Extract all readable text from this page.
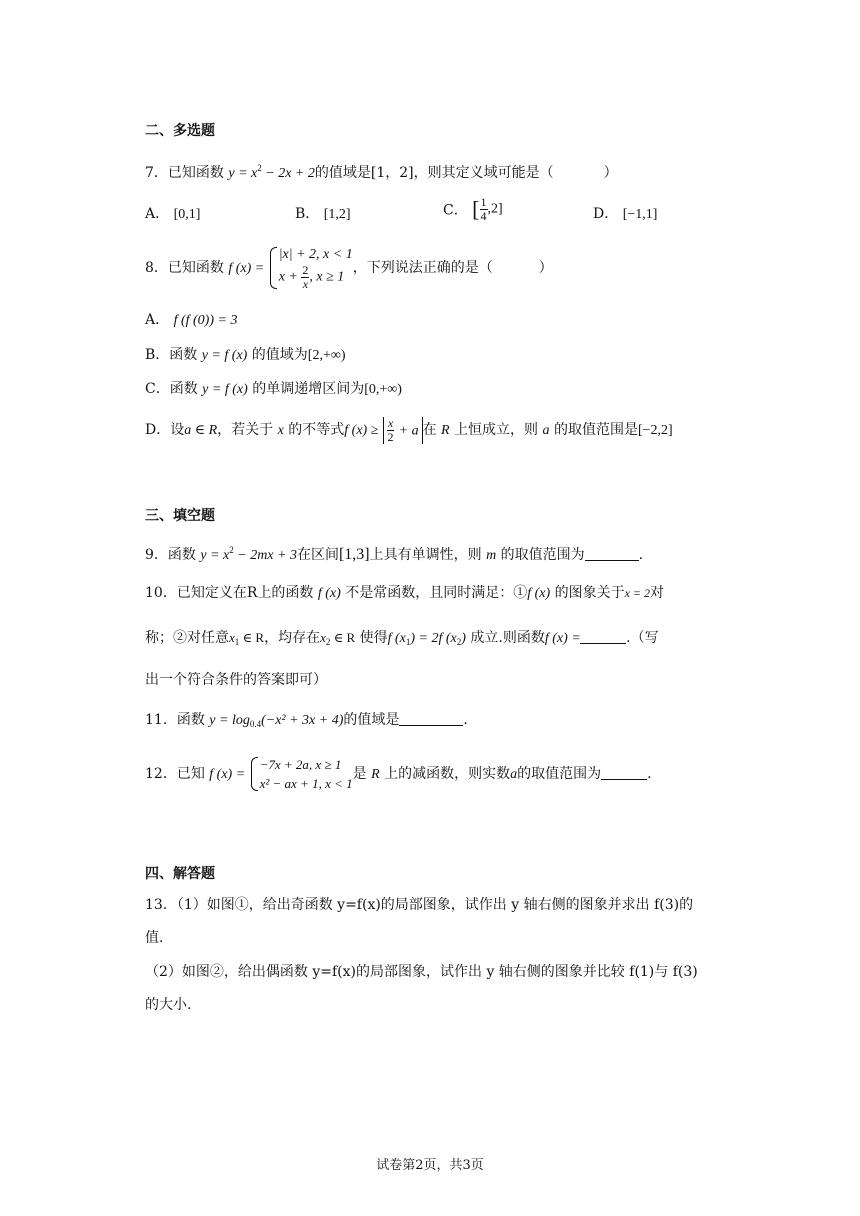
二、多选题
7．已知函数 $y = x^2 - 2x + 2$的值域是[1，2]，则其定义域可能是（	）
A． [0,1]	B． [1,2]	C． [ $\frac{1}{4} ,2$]	D． [−1,1]
8．已知函数 f (x) =
|x| + 2, x < 1
$x + \frac{2}{x}$ , x ≥ 1
，下列说法正确的是（	）
A． f (f (0)) = 3
B．函数 y = f (x) 的值域为[2,+∞)
C．函数 y = f (x) 的单调递增区间为[0,+∞)
D．设a ∈ R，若关于 x 的不等式f $(x) \ge \frac{x}{2} + a$ 在 R 上恒成立，则 a 的取值范围是[−2,2]
三、填空题
9．函数 $y = x^2 - 2mx + 3$在区间[1,3]上具有单调性，则 m 的取值范围为	.
10．已知定义在R上的函数 f (x) 不是常函数，且同时满足：①f (x) 的图象关于x = 2对
称；②对任意$x_1$ ∈ R，均存在$x_2$ ∈ R 使得f $(x_1) = 2f$ $(x_2)$ 成立.则函数f (x) =	.（写
出一个符合条件的答案即可）
11．函数 $y = \log_{0.4}(-x^2 + 3x + 4)$的值域是	.
12．已知 f (x) =
−7x + 2a, x ≥ 1
x² − ax + 1, x < 1
是 R 上的减函数，则实数a的取值范围为	.
四、解答题
13．（1）如图①，给出奇函数 y=f(x)的局部图象，试作出 y 轴右侧的图象并求出 f(3)的
值.
（2）如图②，给出偶函数 y=f(x)的局部图象，试作出 y 轴右侧的图象并比较 f(1)与 f(3)
的大小.
试卷第2页，共3页
